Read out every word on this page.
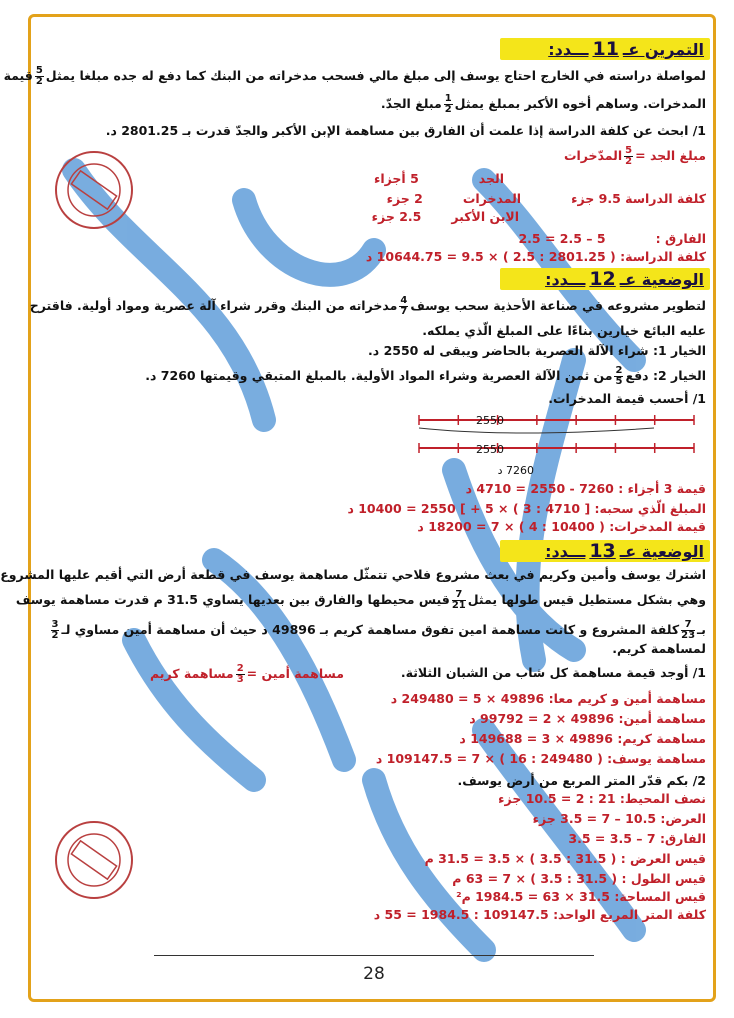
التمرين عـ11ـــدد:
لمواصلة دراسته في الخارج احتاج يوسف إلى مبلغ مالي فسحب مدخراته من البنك كما دفع له جده مبلغا يمثل
$\frac{5}{2}$
قيمة
المدخرات. وساهم أخوه الأكبر بمبلغ يمثل
$\frac{1}{2}$
مبلغ الجدّ.
1/ ابحث عن كلفة الدراسة إذا علمت أن الفارق بين مساهمة الإبن الأكبر والجدّ قدرت بـ 2801.25 د.
مبلغ الجد =
$\frac{5}{2}$
المدّخرات
الجد5 أجزاء
كلفة الدراسة 9.5 جزءالمدخرات2 جزء
الابن الأكبر2.5 جزء
الفارق :5 – 2.5 = 2.5
كلفة الدراسة: ( 2801.25 : 2.5 ) × 9.5 = 10644.75 د
الوضعية عـ12ـــدد:
لتطوير مشروعه في صناعة الأحذية سحب يوسف
$\frac{4}{7}$
مدخراته من البنك وقرر شراء آلة عصرية ومواد أولية. فاقترح
عليه البائع خيارين بناءًا على المبلغ الّذي يملكه.
الخيار 1: شراء الآلة العصرية بالحاضر ويبقى له 2550 د.
الخيار 2: دفع
$\frac{2}{5}$
من ثمن الآلة العصرية وشراء المواد الأولية. بالمبلغ المتبقي وقيمتها 7260 د.
1/ أحسب قيمة المدخرات.
2550
2550
7260 د
قيمة 3 أجزاء : 7260 - 2550 = 4710 د
المبلغ الّذي سحبه: [ 4710 : 3 ) × 5 + ] 2550 = 10400 د
قيمة المدخرات: ( 10400 : 4 ) × 7 = 18200 د
الوضعية عـ13ـــدد:
اشترك يوسف وأمين وكريم في بعث مشروع فلاحي تتمثّل مساهمة يوسف في قطعة أرض التي أقيم عليها المشروع
وهي بشكل مستطيل قيس طولها يمثل
$\frac{7}{21}$
قيس محيطها والفارق بين بعديها يساوي 31.5 م قدرت مساهمة يوسف
بـ
$\frac{7}{23}$
كلفة المشروع و كانت مساهمة امين تفوق مساهمة كريم بـ 49896 د حيث أن مساهمة أمين مساوي لـ
$\frac{3}{2}$
لمساهمة كريم.
1/ أوجد قيمة مساهمة كل شاب من الشبان الثلاثة.
مساهمة أمين =
$\frac{2}{3}$
مساهمة كريم
مساهمة أمين و كريم معا: 49896 × 5 = 249480 د
مساهمة أمين: 49896 × 2 = 99792 د
مساهمة كريم: 49896 × 3 = 149688 د
مساهمة يوسف: ( 249480 : 16 ) × 7 = 109147.5 د
2/ بكم قدّر المتر المربع من أرض يوسف.
نصف المحيط: 21 : 2 = 10.5 جزء
العرض: 10.5 – 7 = 3.5 جزء
الفارق: 7 – 3.5 = 3.5
قيس العرض : ( 31.5 : 3.5 ) × 3.5 = 31.5 م
قيس الطول : ( 31.5 : 3.5 ) × 7 = 63 م
قيس المساحة: 31.5 × 63 = 1984.5 م²
كلفة المتر المربع الواحد: 109147.5 : 1984.5 = 55 د
28
